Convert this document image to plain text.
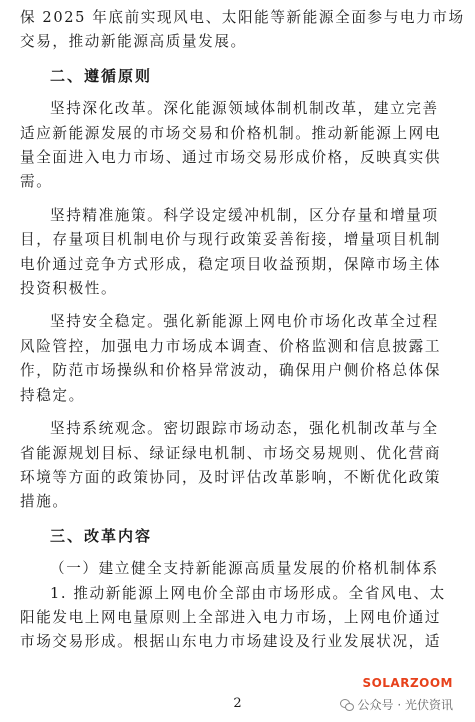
保 2025 年底前实现风电、太阳能等新能源全面参与电力市场
交易，推动新能源高质量发展。
二、遵循原则
坚持深化改革。深化能源领域体制机制改革，建立完善
适应新能源发展的市场交易和价格机制。推动新能源上网电
量全面进入电力市场、通过市场交易形成价格，反映真实供
需。
坚持精准施策。科学设定缓冲机制，区分存量和增量项
目，存量项目机制电价与现行政策妥善衔接，增量项目机制
电价通过竞争方式形成，稳定项目收益预期，保障市场主体
投资积极性。
坚持安全稳定。强化新能源上网电价市场化改革全过程
风险管控，加强电力市场成本调查、价格监测和信息披露工
作，防范市场操纵和价格异常波动，确保用户侧价格总体保
持稳定。
坚持系统观念。密切跟踪市场动态，强化机制改革与全
省能源规划目标、绿证绿电机制、市场交易规则、优化营商
环境等方面的政策协同，及时评估改革影响，不断优化政策
措施。
三、改革内容
（一）建立健全支持新能源高质量发展的价格机制体系
1. 推动新能源上网电价全部由市场形成。全省风电、太
阳能发电上网电量原则上全部进入电力市场，上网电价通过
市场交易形成。根据山东电力市场建设及行业发展状况，适
2
SOLARZOOM
公众号 · 光伏资讯
